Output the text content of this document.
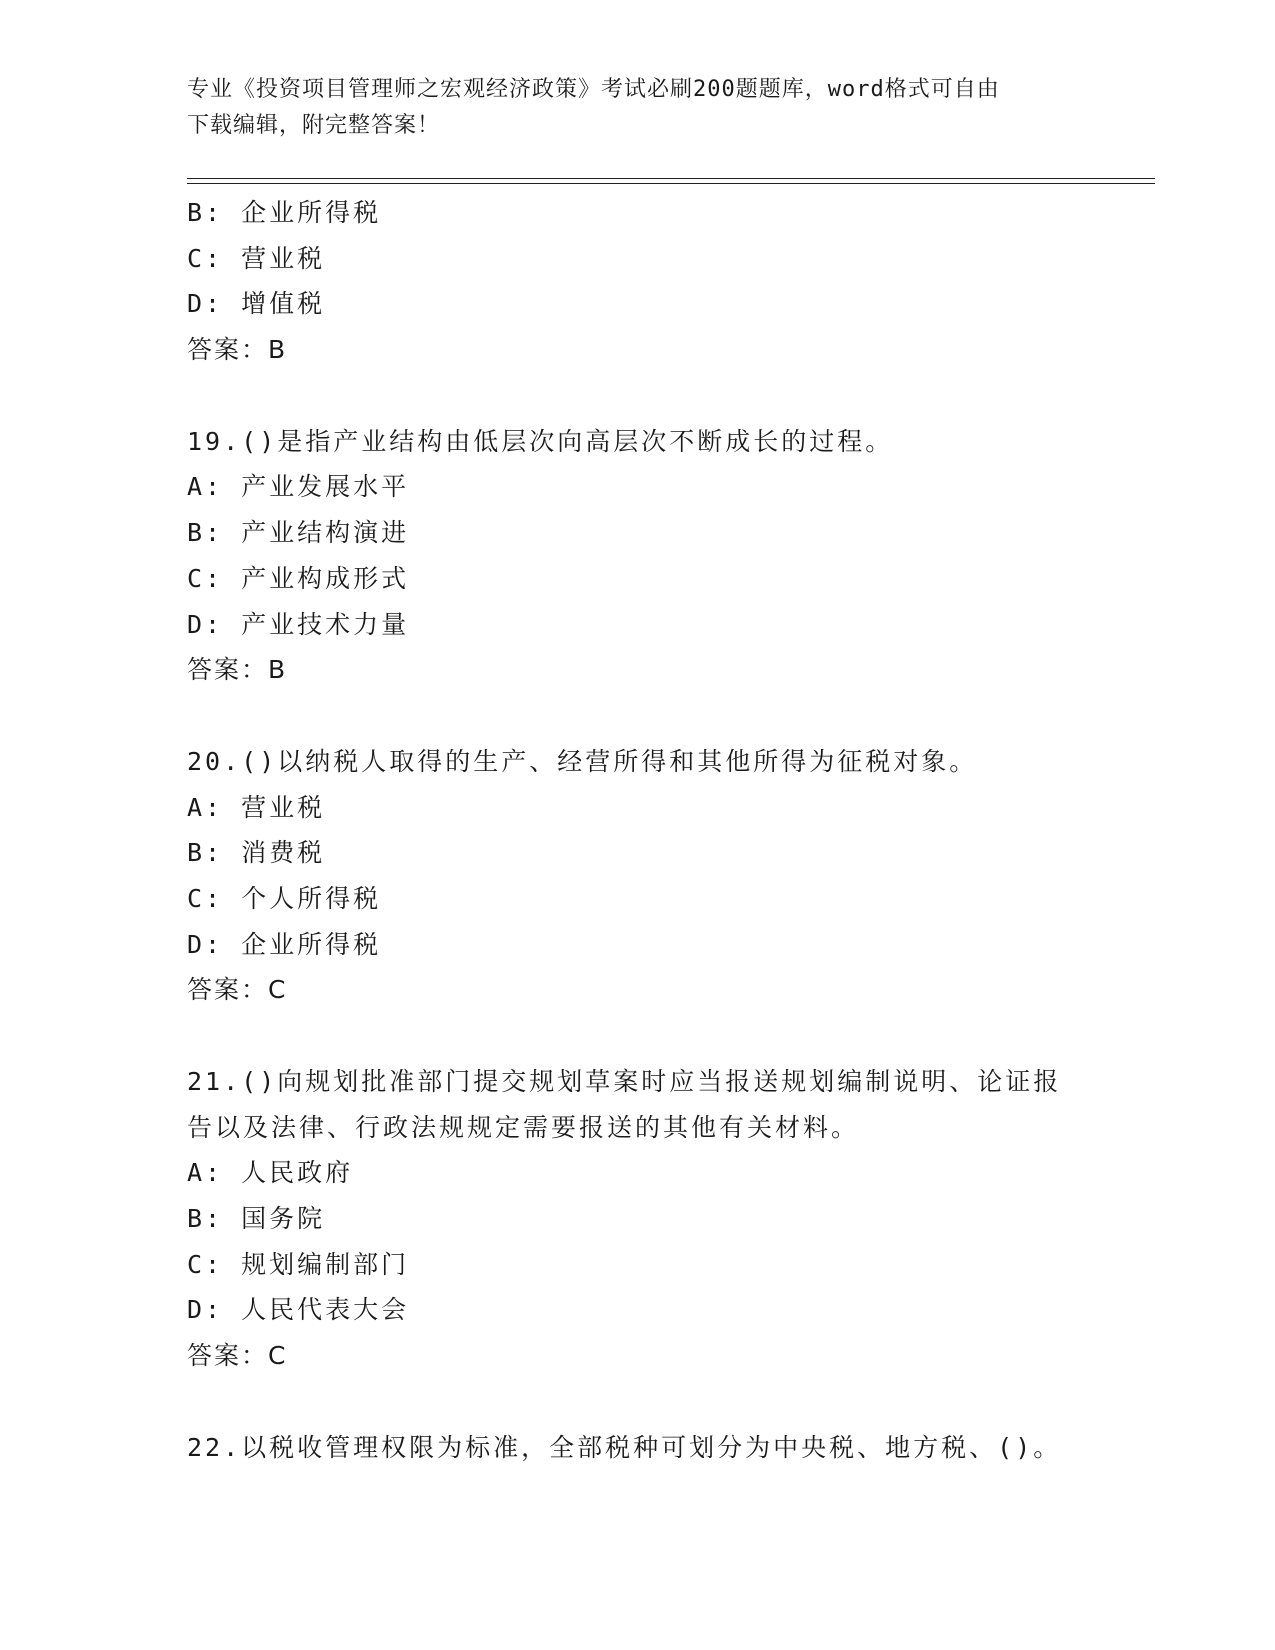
专业《投资项目管理师之宏观经济政策》考试必刷200题题库，word格式可自由
下载编辑，附完整答案！
B: 企业所得税
C: 营业税
D: 增值税
答案：B
19.()是指产业结构由低层次向高层次不断成长的过程。
A: 产业发展水平
B: 产业结构演进
C: 产业构成形式
D: 产业技术力量
答案：B
20.()以纳税人取得的生产、经营所得和其他所得为征税对象。
A: 营业税
B: 消费税
C: 个人所得税
D: 企业所得税
答案：C
21.()向规划批准部门提交规划草案时应当报送规划编制说明、论证报
告以及法律、行政法规规定需要报送的其他有关材料。
A: 人民政府
B: 国务院
C: 规划编制部门
D: 人民代表大会
答案：C
22.以税收管理权限为标准，全部税种可划分为中央税、地方税、()。
